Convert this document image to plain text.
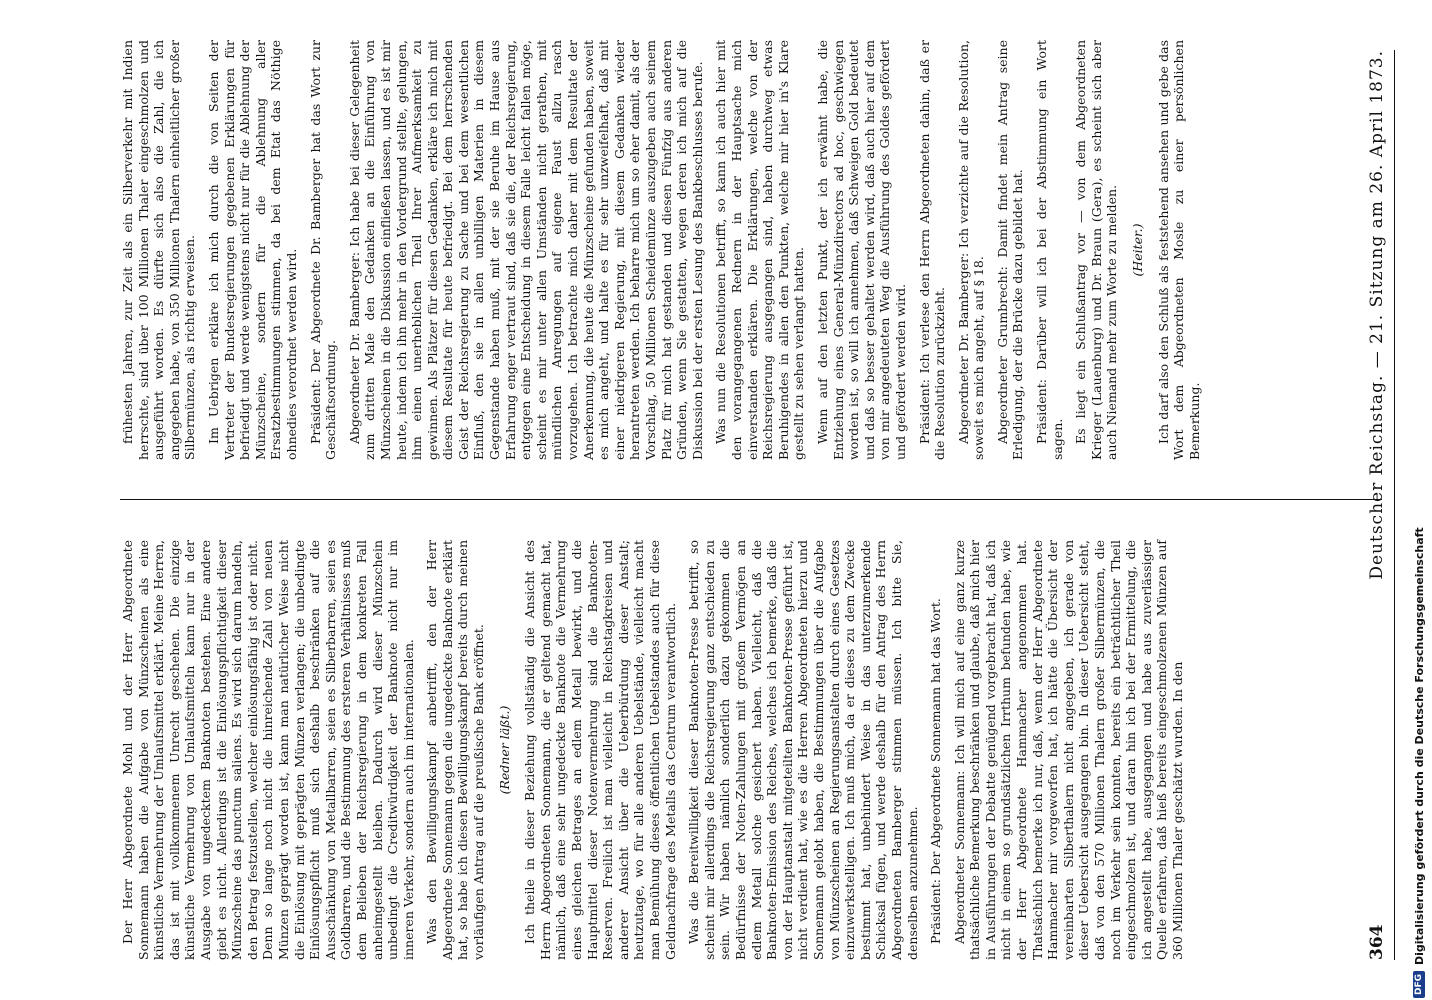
364
Deutscher Reichstag. — 21. Sitzung am 26. April 1873.

Der Herr Abgeordnete Mohl und der Herr Abgeordnete Sonnemann haben die Aufgabe von Münzscheinen als eine künstliche Vermehrung der Umlaufsmittel erklärt. Meine Herren, das ist mit vollkommenem Unrecht geschehen. Die einzige künstliche Vermehrung von Umlaufsmitteln kann nur in der Ausgabe von ungedecktem Banknoten bestehen. Eine andere giebt es nicht. Allerdings ist die Einlösungspflichtigkeit dieser Münzscheine das punctum saliens. Es wird sich darum handeln, den Betrag festzustellen, welcher einlösungsfähig ist oder nicht. Denn so lange noch nicht die hinreichende Zahl von neuen Münzen geprägt worden ist, kann man natürlicher Weise nicht die Einlösung mit geprägten Münzen verlangen; die unbedingte Einlösungspflicht muß sich deshalb beschränken auf die Ausschänkung von Metallbarren, seien es Silberbarren, seien es Goldbarren, und die Bestimmung des ersteren Verhältnisses muß dem Belieben der Reichsregierung in dem konkreten Fall anheimgestellt bleiben. Dadurch wird dieser Münzschein unbedingt die Creditwürdigkeit der Banknote nicht nur im inneren Verkehr, sondern auch im internationalen. Was den Bewilligungskampf anbetrifft, den der Herr Abgeordnete Sonnemann gegen die ungedeckte Banknote erklärt hat, so habe ich diesen Bewilligungskampf bereits durch meinen vorläufigen Antrag auf die preußische Bank eröffnet. (Redner läßt.) Ich theile in dieser Beziehung vollständig die Ansicht des Herrn Abgeordneten Sonnemann, die er geltend gemacht hat, nämlich, daß eine sehr ungedeckte Banknote die Vermehrung eines gleichen Betrages an edlem Metall bewirkt, und die Hauptmittel dieser Notenvermehrung sind die Banknoten-Reserven. Freilich ist man vielleicht in Reichstagkreisen und anderer Ansicht über die Ueberbürdung dieser Anstalt; heutzutage, wo für alle anderen Uebelstände, vielleicht macht man Bemühung dieses öffentlichen Uebelstandes auch für diese Geldnachfrage des Metalls das Centrum verantwortlich. Was die Bereitwilligkeit dieser Banknoten-Presse betrifft, so scheint mir allerdings die Reichsregierung ganz entschieden zu sein. Wir haben nämlich sonderlich dazu gekommen die Bedürfnisse der Noten-Zahlungen mit großem Vermögen an edlem Metall solche gesichert haben. Vielleicht, daß die Banknoten-Emission des Reiches, welches ich bemerke, daß die von der Hauptanstalt mitgeteilten Banknoten-Presse geführt ist, nicht verdient hat, wie es die Herren Abgeordneten hierzu und Sonnemann gelobt haben, die Bestimmungen über die Aufgabe von Münzscheinen an Regierungsanstalten durch eines Gesetzes einzuwerkstelligen. Ich muß mich, da er dieses zu dem Zwecke bestimmt hat, unbehindert Weise in das unterzumerkende Schicksal fügen, und werde deshalb für den Antrag des Herrn Abgeordneten Bamberger stimmen müssen. Ich bitte Sie, denselben anzunehmen. Präsident: Der Abgeordnete Sonnemann hat das Wort. Abgeordneter Sonnemann: Ich will mich auf eine ganz kurze thatsächliche Bemerkung beschränken und glaube, daß mich hier in Ausführungen der Debatte genügend vorgebracht hat, daß ich nicht in einem so grundsätzlichen Irrthum befunden habe, wie der Herr Abgeordnete Hammacher angenommen hat. Thatsächlich bemerke ich nur, daß, wenn der Herr Abgeordnete Hammacher mir vorgeworfen hat, ich hätte die Übersicht der vereinbarten Silberthalern nicht angegeben, ich gerade von dieser Uebersicht ausgegangen bin. In dieser Uebersicht steht, daß von den 570 Millionen Thalern großer Silbermünzen, die noch im Verkehr sein konnten, bereits ein beträchtlicher Theil eingeschmolzen ist, und daran hin ich bei der Ermittelung, die ich angestellt habe, ausgegangen und habe aus zuverlässiger Quelle erfahren, daß hieß bereits eingeschmolzenen Münzen auf 360 Millionen Thaler geschätzt wurden. In den

frühesten Jahren, zur Zeit als ein Silberverkehr mit Indien herrschte, sind über 100 Millionen Thaler eingeschmolzen und ausgeführt worden. Es dürfte sich also die Zahl, die ich angegeben habe, von 350 Millionen Thalern einheitlicher großer Silbermünzen, als richtig erweisen. Im Uebrigen erkläre ich mich durch die von Seiten der Vertreter der Bundesregierungen gegebenen Erklärungen für befriedigt und werde wenigstens nicht nur für die Ablehnung der Münzscheine, sondern für die Ablehnung aller Ersatzbestimmungen stimmen, da bei dem Etat das Nöthige ohnedies verordnet werden wird. Präsident: Der Abgeordnete Dr. Bamberger hat das Wort zur Geschäftsordnung. Abgeordneter Dr. Bamberger: Ich habe bei dieser Gelegenheit zum dritten Male den Gedanken an die Einführung von Münzscheinen in die Diskussion einfließen lassen, und es ist mir heute, indem ich ihn mehr in den Vordergrund stellte, gelungen, ihm einen unerheblichen Theil Ihrer Aufmerksamkeit zu gewinnen. Als Plätzer für diesen Gedanken, erkläre ich mich mit diesem Resultate für heute befriedigt. Bei dem herrschenden Geist der Reichsregierung zu Sache und bei dem wesentlichen Einfluß, den sie in allen unbilligen Materien in diesem Gegenstande haben muß, mit der sie Beruhe im Hause aus Erfahrung enger vertraut sind, daß sie die, der Reichsregierung, entgegen eine Entscheidung in diesem Falle leicht fallen möge, scheint es mir unter allen Umständen nicht gerathen, mit mündlichen Anregungen auf eigene Faust allzu rasch vorzugehen. Ich betrachte mich daher mit dem Resultate der Anerkennung, die heute die Münzscheine gefunden haben, soweit es mich angeht, und halte es für sehr unzweifelhaft, daß mit einer niedrigeren Regierung, mit diesem Gedanken wieder herantreten werden. Ich beharre mich um so eher damit, als der Vorschlag, 50 Millionen Scheidemünze auszugeben auch seinem Platz für mich hat gestanden und diesen Fünfzig aus anderen Gründen, wenn Sie gestatten, wegen deren ich mich auf die Diskussion bei der ersten Lesung des Bankbeschlusses berufe. Was nun die Resolutionen betrifft, so kann ich auch hier mit den vorangegangenen Rednern in der Hauptsache mich einverstanden erklären. Die Erklärungen, welche von der Reichsregierung ausgegangen sind, haben durchweg etwas Beruhigendes in allen den Punkten, welche mir hier in's Klare gestellt zu sehen verlangt hatten. Wenn auf den letzten Punkt, der ich erwähnt habe, die Entziehung eines General-Münzdirectors ad hoc, geschwiegen worden ist, so will ich annehmen, daß Schweigen Gold bedeutet und daß so besser gehaltet werden wird, daß auch hier auf dem von mir angedeuteten Weg die Ausführung des Goldes gefördert und gefördert werden wird. Präsident: Ich verlese den Herrn Abgeordneten dahin, daß er die Resolution zurückzieht. Abgeordneter Dr. Bamberger: Ich verzichte auf die Resolution, soweit es mich angeht, auf § 18. Abgeordneter Grumbrecht: Damit findet mein Antrag seine Erledigung, der die Brücke dazu gebildet hat. Präsident: Darüber will ich bei der Abstimmung ein Wort sagen. Es liegt ein Schlußantrag vor — von dem Abgeordneten Krieger (Lauenburg) und Dr. Braun (Gera), es scheint sich aber auch Niemand mehr zum Worte zu melden. (Heiter.) Ich darf also den Schluß als feststehend ansehen und gebe das Wort dem Abgeordneten Mosle zu einer persönlichen Bemerkung.

DFG
Digitalisierung gefördert durch die Deutsche Forschungsgemeinschaft
